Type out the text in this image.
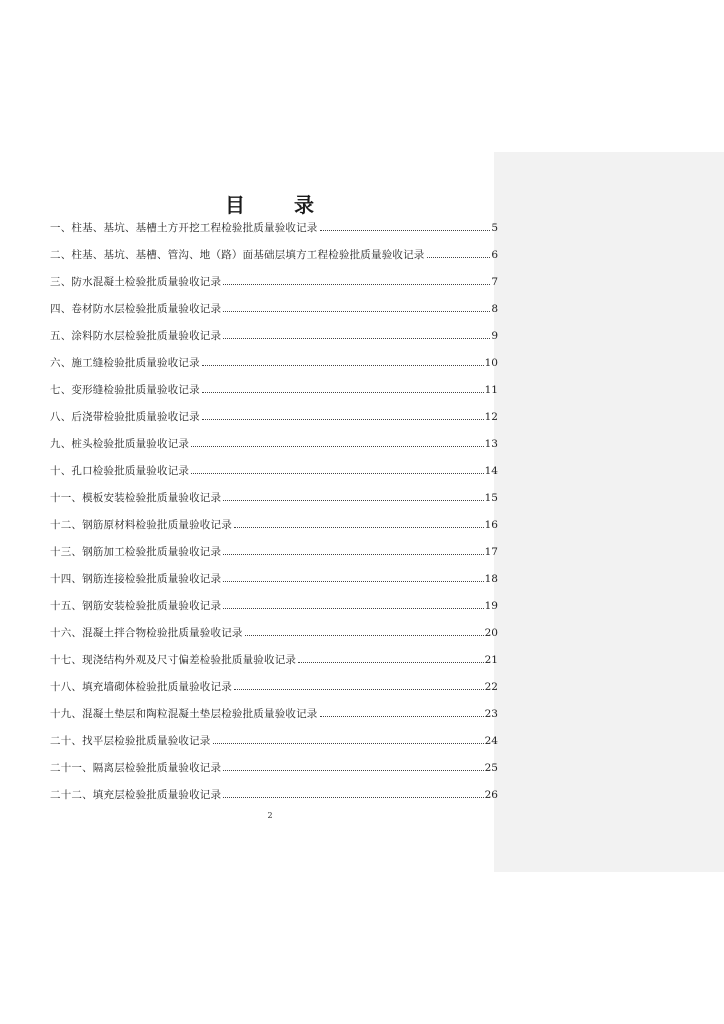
目 录
一、柱基、基坑、基槽土方开挖工程检验批质量验收记录	5
二、柱基、基坑、基槽、管沟、地（路）面基础层填方工程检验批质量验收记录	6
三、防水混凝土检验批质量验收记录	7
四、卷材防水层检验批质量验收记录	8
五、涂料防水层检验批质量验收记录	9
六、施工缝检验批质量验收记录	10
七、变形缝检验批质量验收记录	11
八、后浇带检验批质量验收记录	12
九、桩头检验批质量验收记录	13
十、孔口检验批质量验收记录	14
十一、模板安装检验批质量验收记录	15
十二、钢筋原材料检验批质量验收记录	16
十三、钢筋加工检验批质量验收记录	17
十四、钢筋连接检验批质量验收记录	18
十五、钢筋安装检验批质量验收记录	19
十六、混凝土拌合物检验批质量验收记录	20
十七、现浇结构外观及尺寸偏差检验批质量验收记录	21
十八、填充墙砌体检验批质量验收记录	22
十九、混凝土垫层和陶粒混凝土垫层检验批质量验收记录	23
二十、找平层检验批质量验收记录	24
二十一、隔离层检验批质量验收记录	25
二十二、填充层检验批质量验收记录	26
2
